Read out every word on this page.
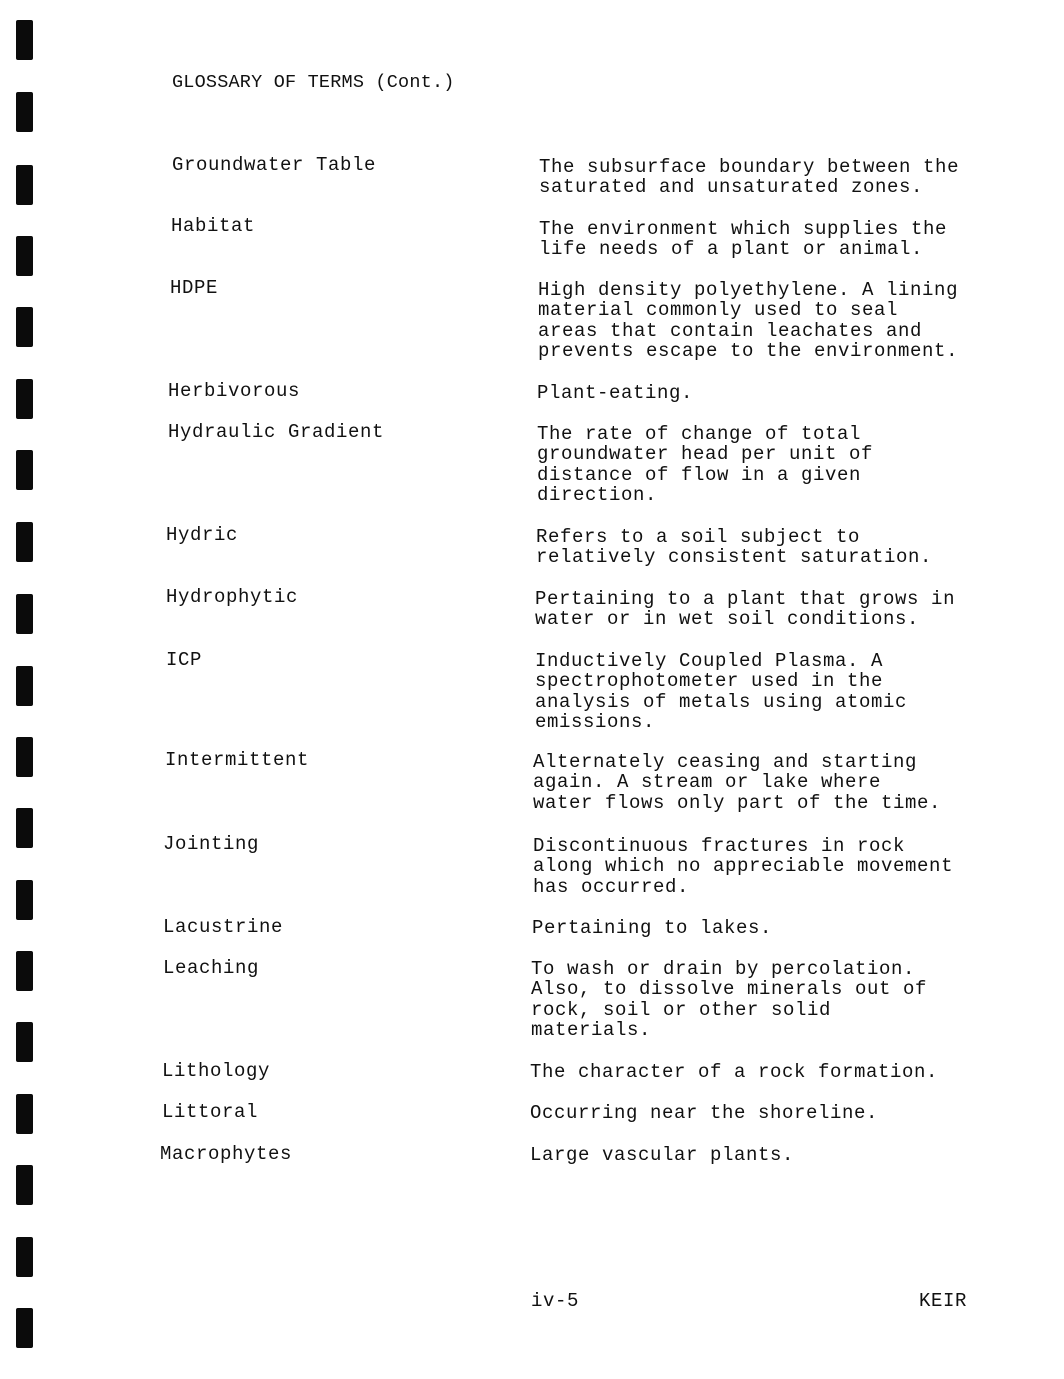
GLOSSARY OF TERMS (Cont.)
Groundwater Table	The subsurface boundary between the
saturated and unsaturated zones.
Habitat	The environment which supplies the
life needs of a plant or animal.
HDPE	High density polyethylene. A lining
material commonly used to seal
areas that contain leachates and
prevents escape to the environment.
Herbivorous	Plant-eating.
Hydraulic Gradient	The rate of change of total
groundwater head per unit of
distance of flow in a given
direction.
Hydric	Refers to a soil subject to
relatively consistent saturation.
Hydrophytic	Pertaining to a plant that grows in
water or in wet soil conditions.
ICP	Inductively Coupled Plasma. A
spectrophotometer used in the
analysis of metals using atomic
emissions.
Intermittent	Alternately ceasing and starting
again. A stream or lake where
water flows only part of the time.
Jointing	Discontinuous fractures in rock
along which no appreciable movement
has occurred.
Lacustrine	Pertaining to lakes.
Leaching	To wash or drain by percolation.
Also, to dissolve minerals out of
rock, soil or other solid
materials.
Lithology	The character of a rock formation.
Littoral	Occurring near the shoreline.
Macrophytes	Large vascular plants.
iv-5	KEIR
